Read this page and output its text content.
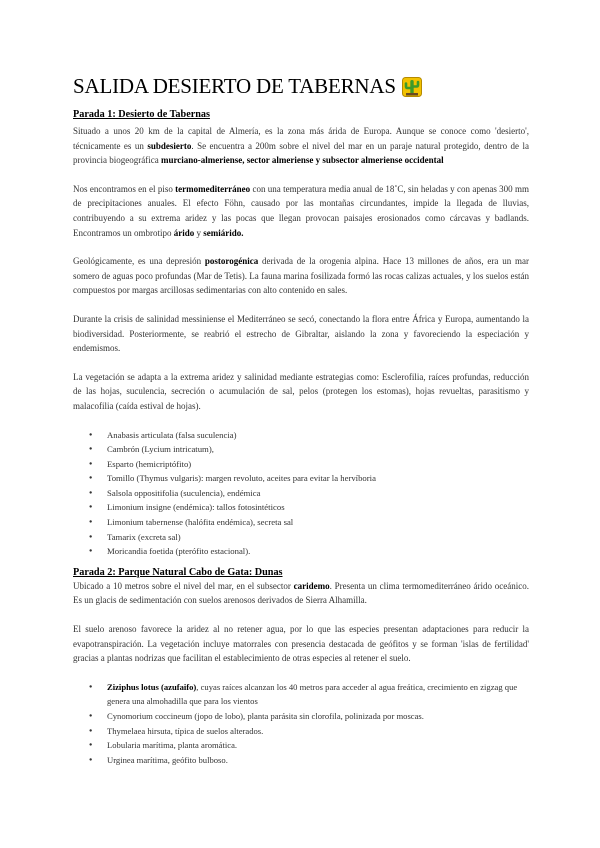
SALIDA DESIERTO DE TABERNAS
Parada 1: Desierto de Tabernas

Situado a unos 20 km de la capital de Almería, es la zona más árida de Europa. Aunque se conoce como 'desierto', técnicamente es un subdesierto. Se encuentra a 200m sobre el nivel del mar en un paraje natural protegido, dentro de la provincia biogeográfica murciano-almeriense, sector almeriense y subsector almeriense occidental

Nos encontramos en el piso termomediterráneo con una temperatura media anual de 18˚C, sin heladas y con apenas 300 mm de precipitaciones anuales. El efecto Föhn, causado por las montañas circundantes, impide la llegada de lluvias, contribuyendo a su extrema aridez y las pocas que llegan provocan paisajes erosionados como cárcavas y badlands. Encontramos un ombrotipo árido y semiárido.

Geológicamente, es una depresión postorogénica derivada de la orogenia alpina. Hace 13 millones de años, era un mar somero de aguas poco profundas (Mar de Tetis). La fauna marina fosilizada formó las rocas calizas actuales, y los suelos están compuestos por margas arcillosas sedimentarias con alto contenido en sales.

Durante la crisis de salinidad messiniense el Mediterráneo se secó, conectando la flora entre África y Europa, aumentando la biodiversidad. Posteriormente, se reabrió el estrecho de Gibraltar, aislando la zona y favoreciendo la especiación y endemismos.

La vegetación se adapta a la extrema aridez y salinidad mediante estrategias como: Esclerofilia, raíces profundas, reducción de las hojas, suculencia, secreción o acumulación de sal, pelos (protegen los estomas), hojas revueltas, parasitismo y malacofilia (caída estival de hojas).

● Anabasis articulata (falsa suculencia)
● Cambrón (Lycium intricatum),
● Esparto (hemicriptófito)
● Tomillo (Thymus vulgaris): margen revoluto, aceites para evitar la hervíboria
● Salsola oppositifolia (suculencia), endémica
● Limonium insigne (endémica): tallos fotosintéticos
● Limonium tabernense (halófita endémica), secreta sal
● Tamarix (excreta sal)
● Moricandia foetida (pterófito estacional).
Parada 2: Parque Natural Cabo de Gata: Dunas

Ubicado a 10 metros sobre el nivel del mar, en el subsector caridemo. Presenta un clima termomediterráneo árido oceánico. Es un glacis de sedimentación con suelos arenosos derivados de Sierra Alhamilla.

El suelo arenoso favorece la aridez al no retener agua, por lo que las especies presentan adaptaciones para reducir la evapotranspiración. La vegetación incluye matorrales con presencia destacada de geófitos y se forman 'islas de fertilidad' gracias a plantas nodrizas que facilitan el establecimiento de otras especies al retener el suelo.

● Ziziphus lotus (azufaifo), cuyas raíces alcanzan los 40 metros para acceder al agua freática, crecimiento en zigzag que genera una almohadilla que para los vientos
● Cynomorium coccineum (jopo de lobo), planta parásita sin clorofila, polinizada por moscas.
● Thymelaea hirsuta, típica de suelos alterados.
● Lobularia marítima, planta aromática.
● Urginea marítima, geófito bulboso.
